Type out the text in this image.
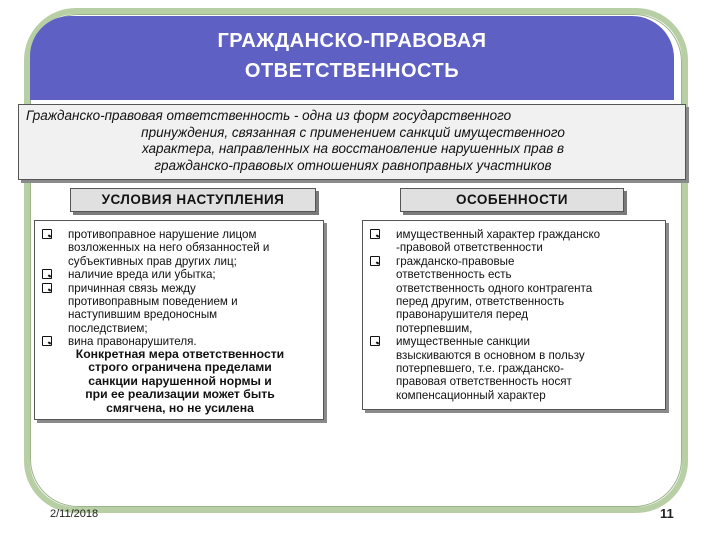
ГРАЖДАНСКО-ПРАВОВАЯ
ОТВЕТСТВЕННОСТЬ
Гражданско-правовая ответственность - одна из форм государственного
принуждения, связанная с применением санкций имущественного
характера, направленных на восстановление нарушенных прав в
гражданско-правовых отношениях равноправных участников
УСЛОВИЯ НАСТУПЛЕНИЯ	ОСОБЕННОСТИ
противоправное нарушение лицом
возложенных на него обязанностей и
субъективных прав других лиц;
наличие вреда или убытка;
причинная связь между
противоправным поведением и
наступившим вредоносным
последствием;
вина правонарушителя.
Конкретная мера ответственности
строго ограничена пределами
санкции нарушенной нормы и
при ее реализации может быть
смягчена, но не усилена
имущественный характер гражданско
-правовой ответственности
гражданско-правовые
ответственность есть
ответственность одного контрагента
перед другим, ответственность
правонарушителя перед
потерпевшим,
имущественные санкции
взыскиваются в основном в пользу
потерпевшего, т.е. гражданско-
правовая ответственность носят
компенсационный характер
2/11/2018	11
